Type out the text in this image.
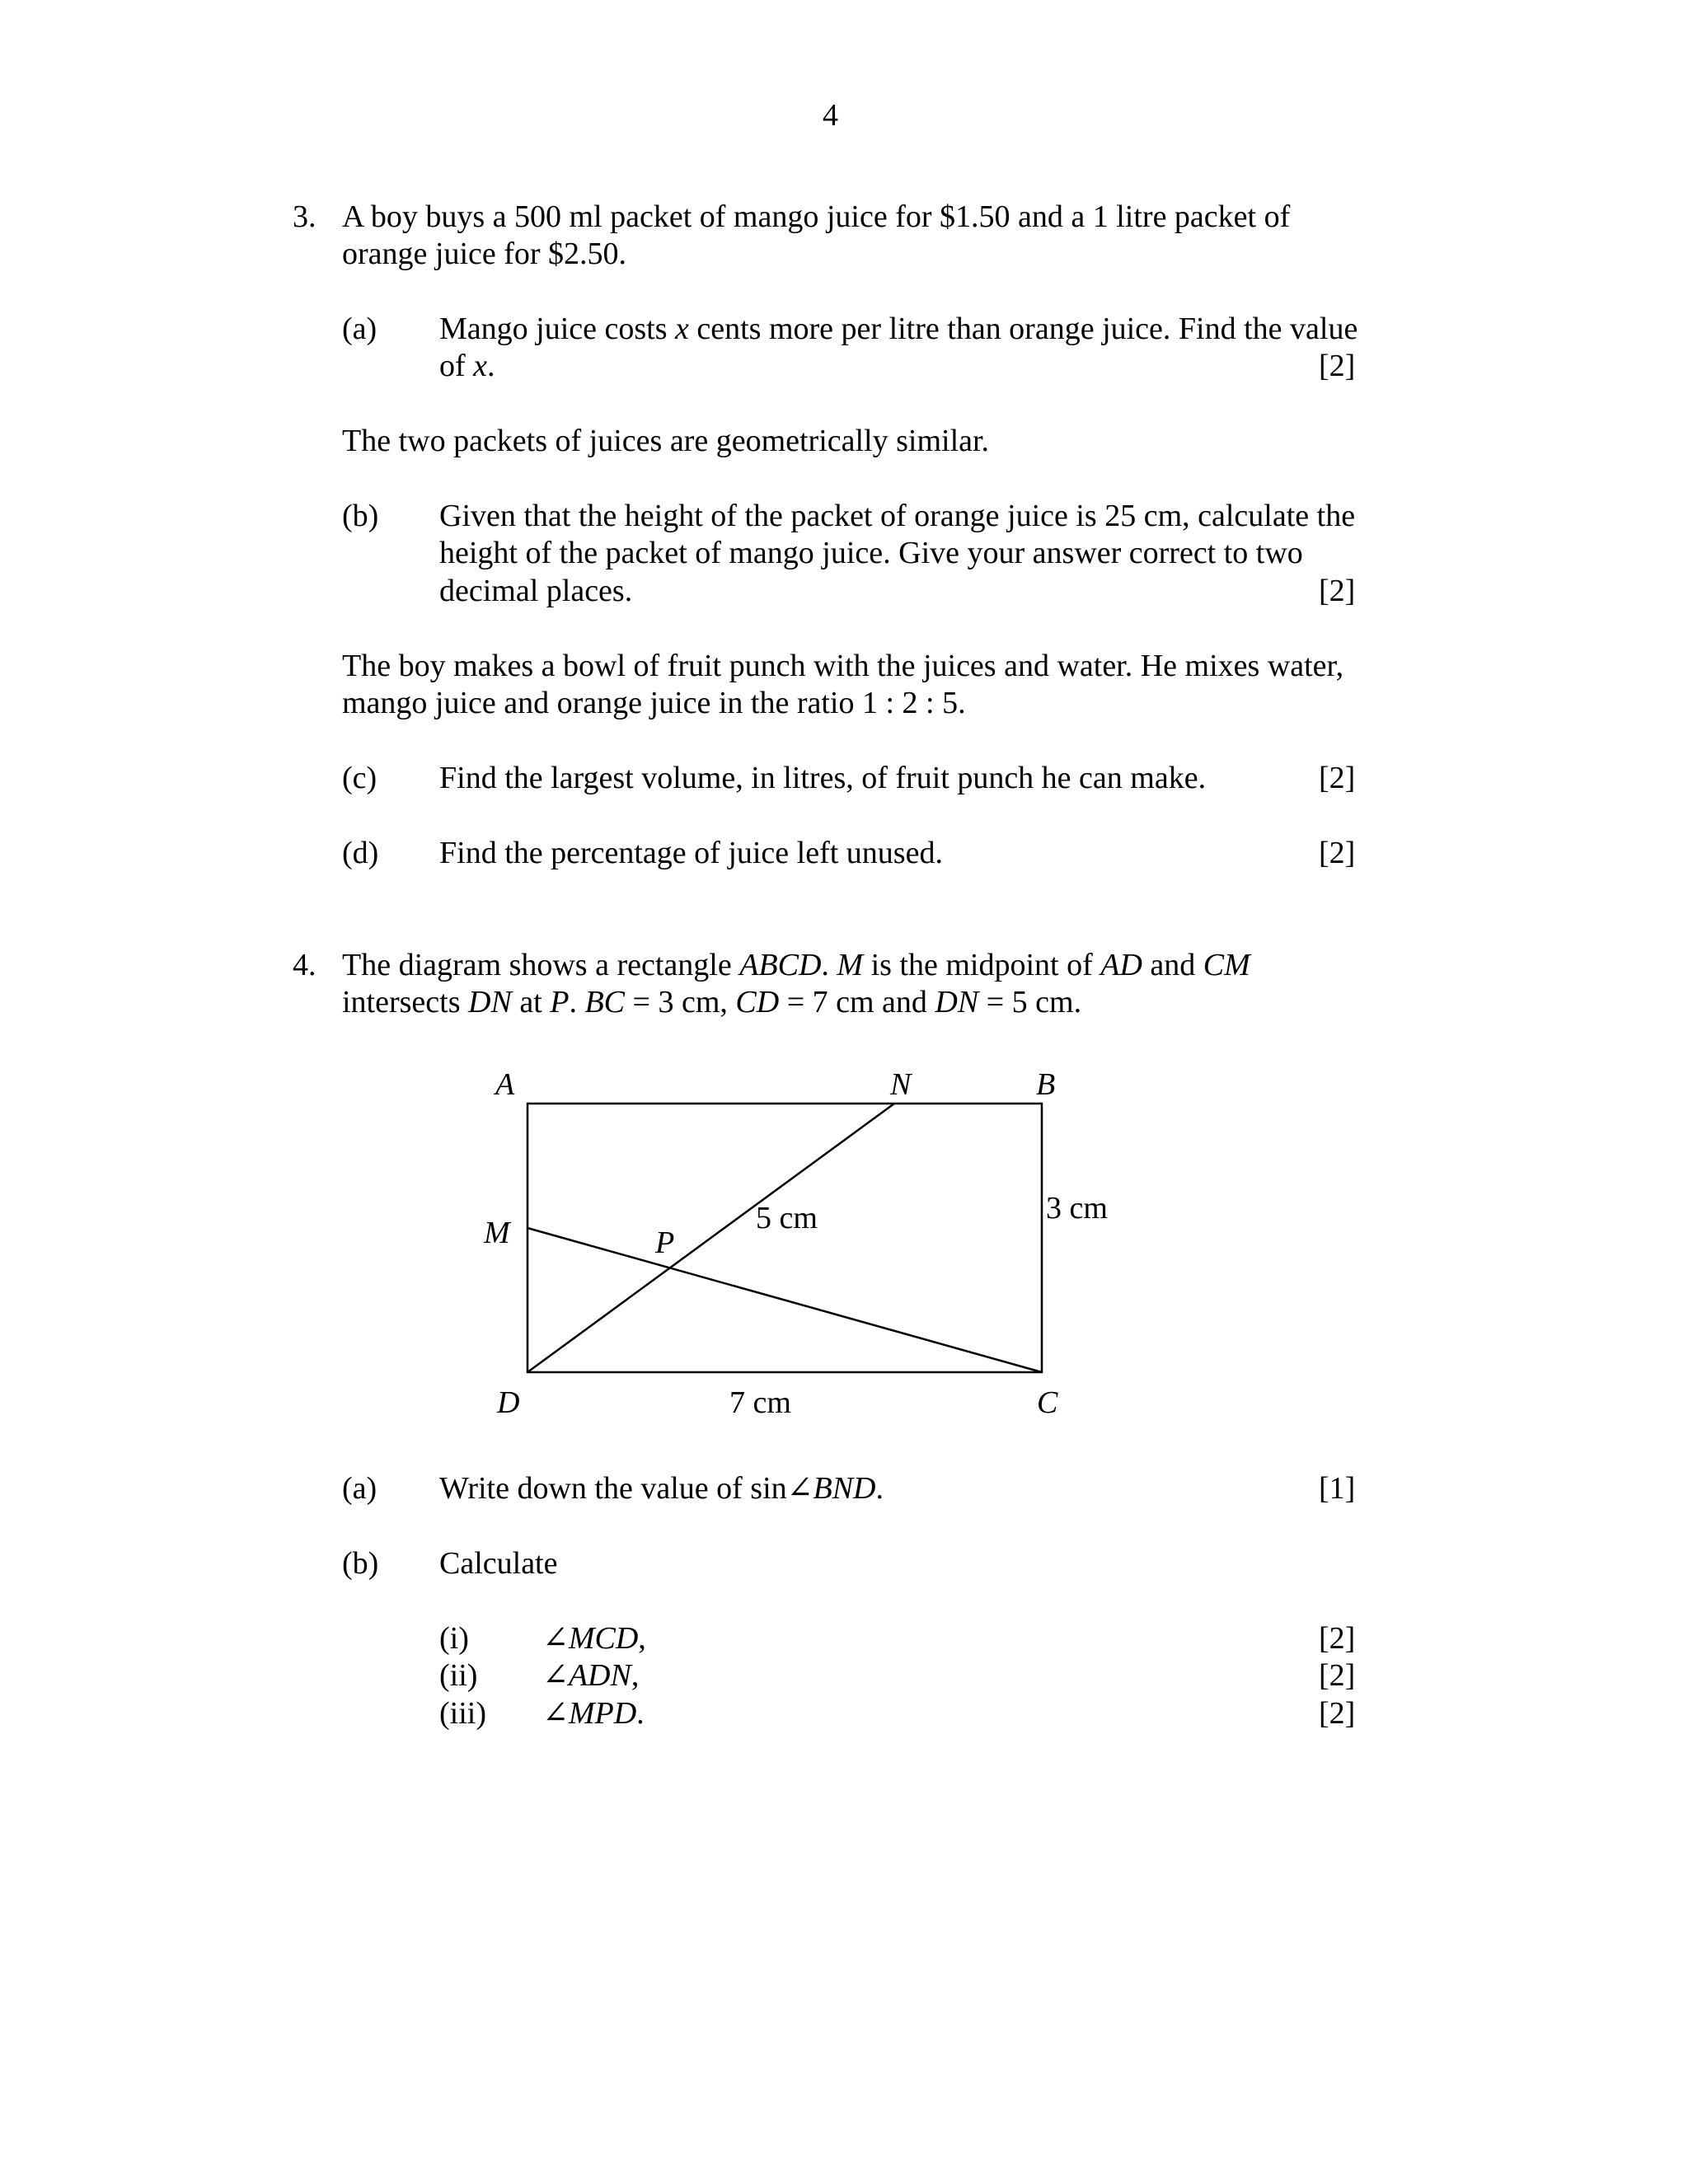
4
3. A boy buys a 500 ml packet of mango juice for $1.50 and a 1 litre packet of
orange juice for $2.50.
(a) Mango juice costs x cents more per litre than orange juice. Find the value
of x.	[2]
The two packets of juices are geometrically similar.
(b) Given that the height of the packet of orange juice is 25 cm, calculate the
height of the packet of mango juice. Give your answer correct to two
decimal places.	[2]
The boy makes a bowl of fruit punch with the juices and water. He mixes water,
mango juice and orange juice in the ratio 1 : 2 : 5.
(c) Find the largest volume, in litres, of fruit punch he can make.	[2]
(d) Find the percentage of juice left unused.	[2]
4. The diagram shows a rectangle ABCD. M is the midpoint of AD and CM
intersects DN at P. BC = 3 cm, CD = 7 cm and DN = 5 cm.
A	N	B
M	P
5 cm	3 cm
D	7 cm	C
(a) Write down the value of sin∠BND.	[1]
(b) Calculate
(i) ∠MCD,	[2]
(ii) ∠ADN,	[2]
(iii) ∠MPD.	[2]
